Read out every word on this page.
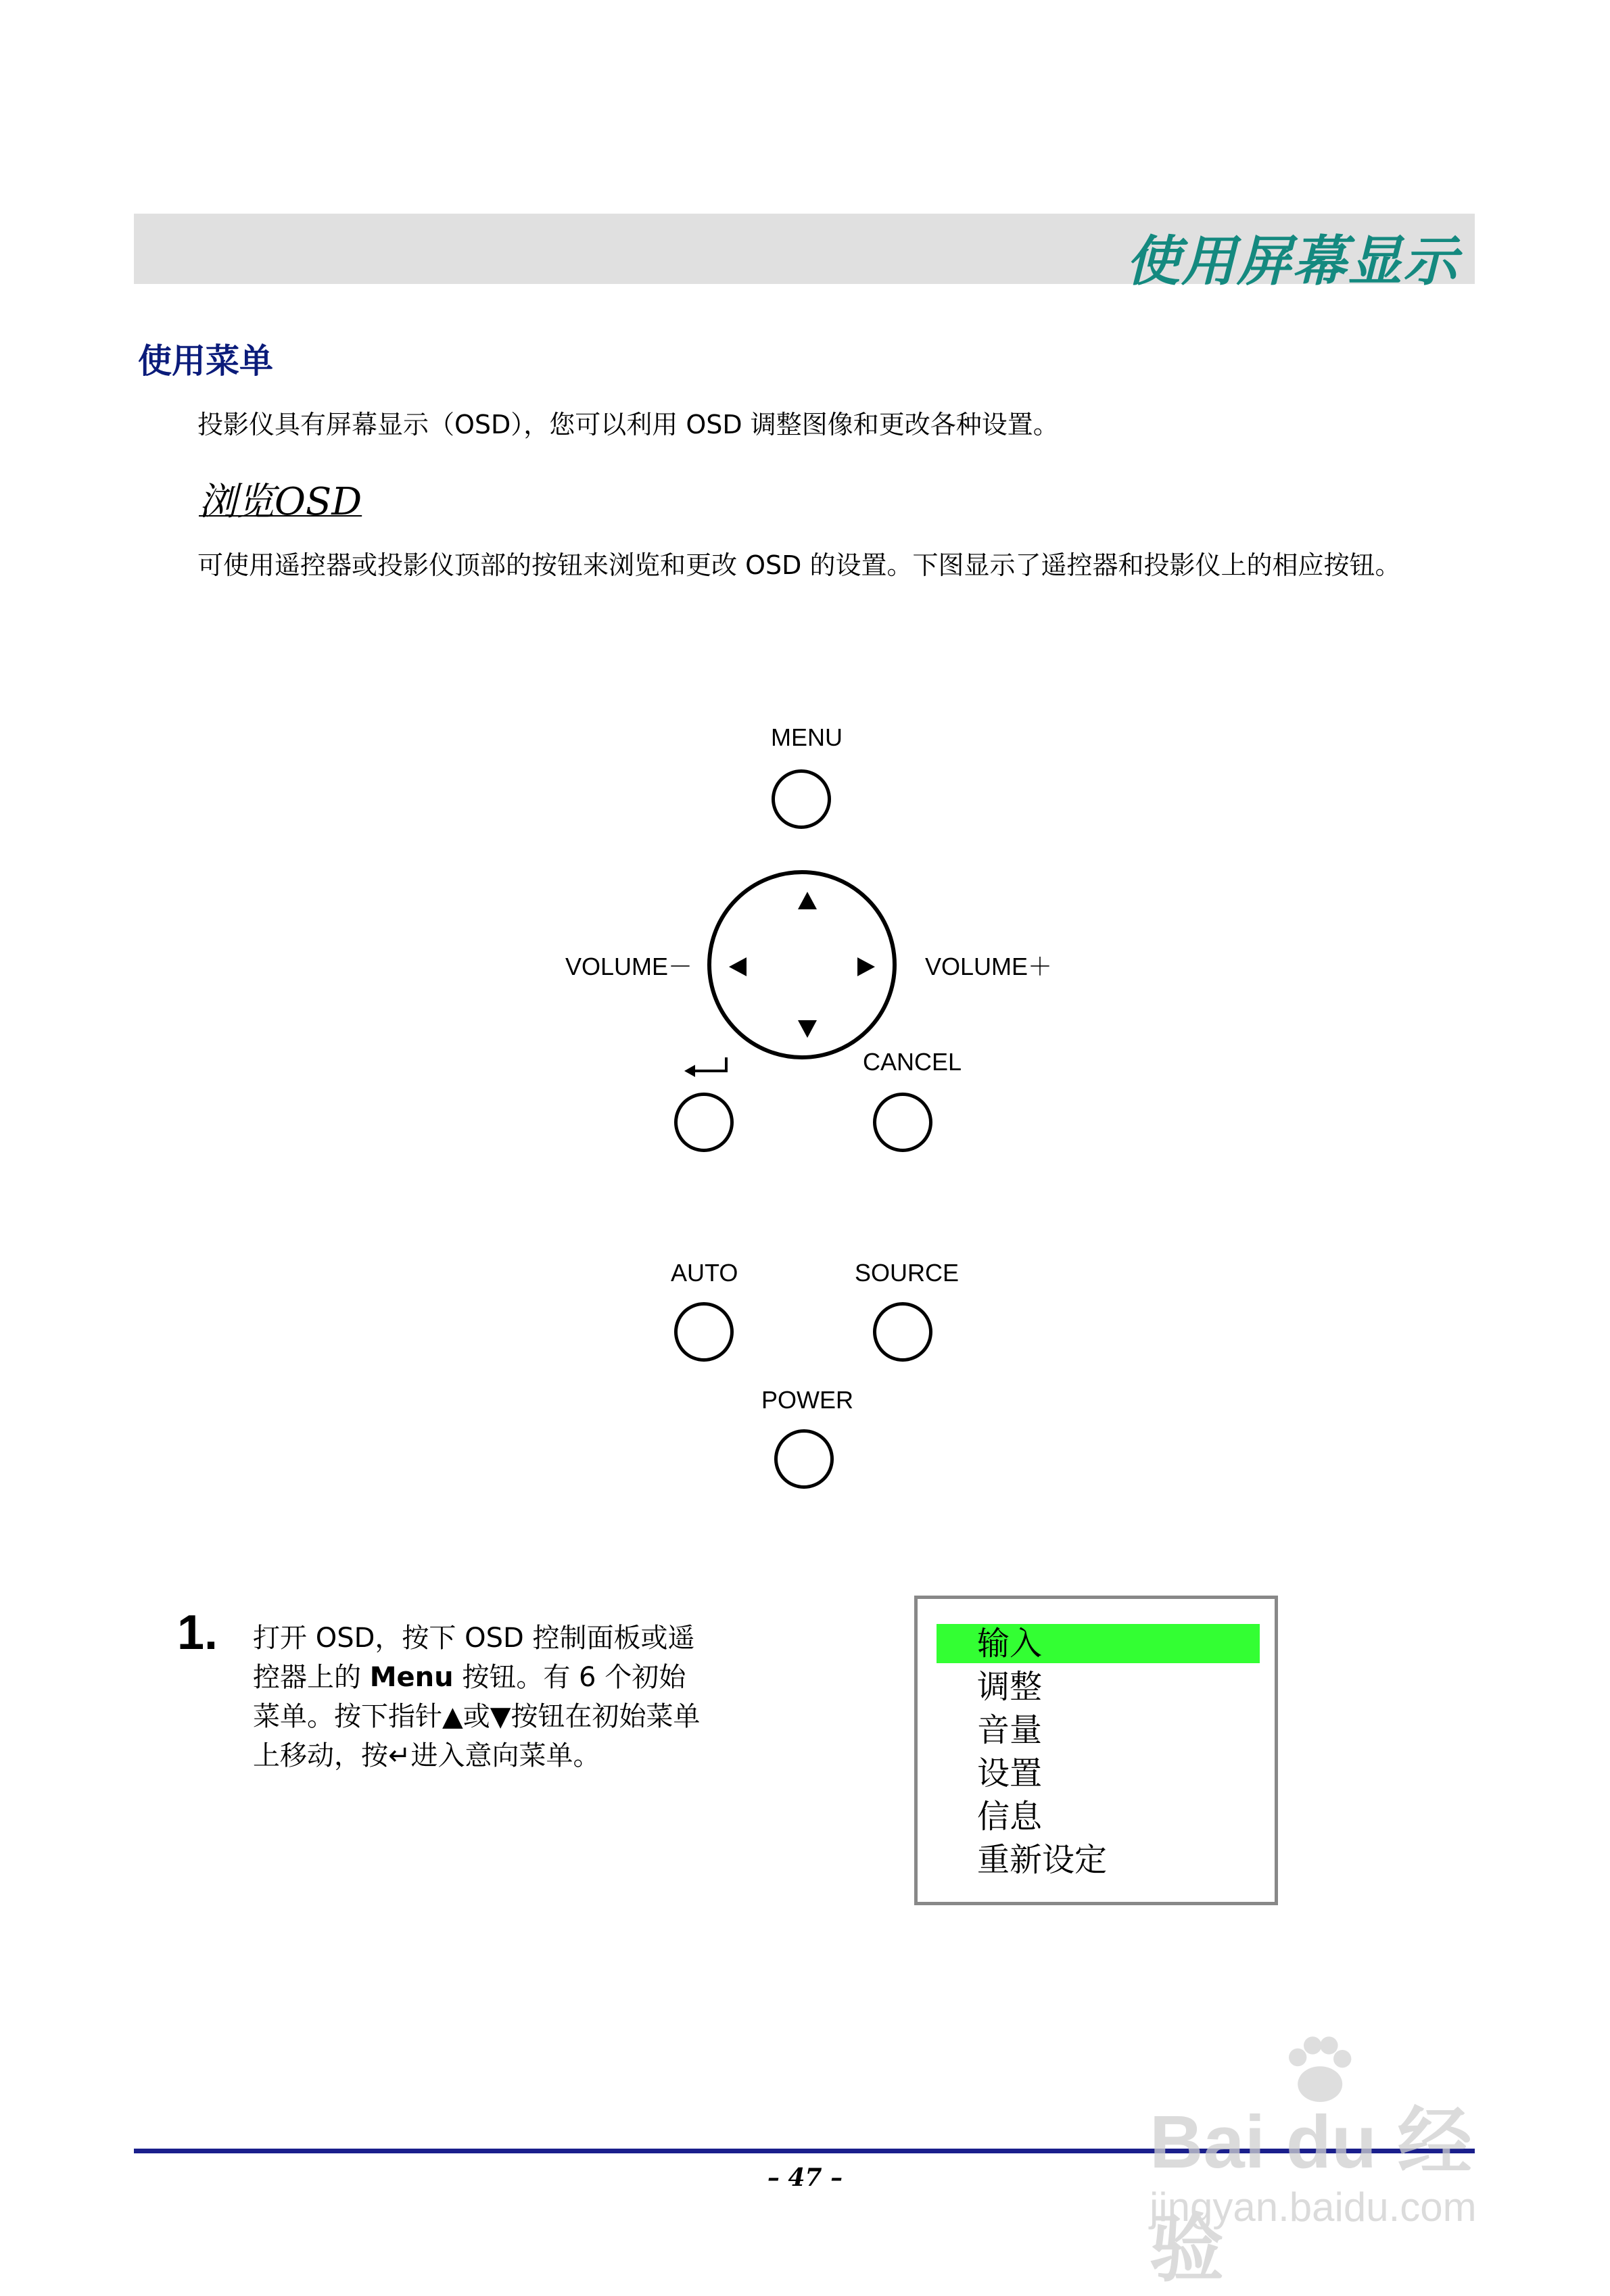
使用屏幕显示
使用菜单
投影仪具有屏幕显示（OSD），您可以利用 OSD 调整图像和更改各种设置。
浏览OSD
可使用遥控器或投影仪顶部的按钮来浏览和更改 OSD 的设置。下图显示了遥控器和投影仪上的相应按钮。
MENU
VOLUME－	VOLUME＋
CANCEL
AUTO	SOURCE
POWER
1. 打开 OSD，按下 OSD 控制面板或遥控器上的 Menu 按钮。有 6 个初始菜单。按下指针▲或▼按钮在初始菜单上移动，按↵进入意向菜单。
输入
调整
音量
设置
信息
重新设定
– 47 –	Bai du 经验
jingyan.baidu.com
